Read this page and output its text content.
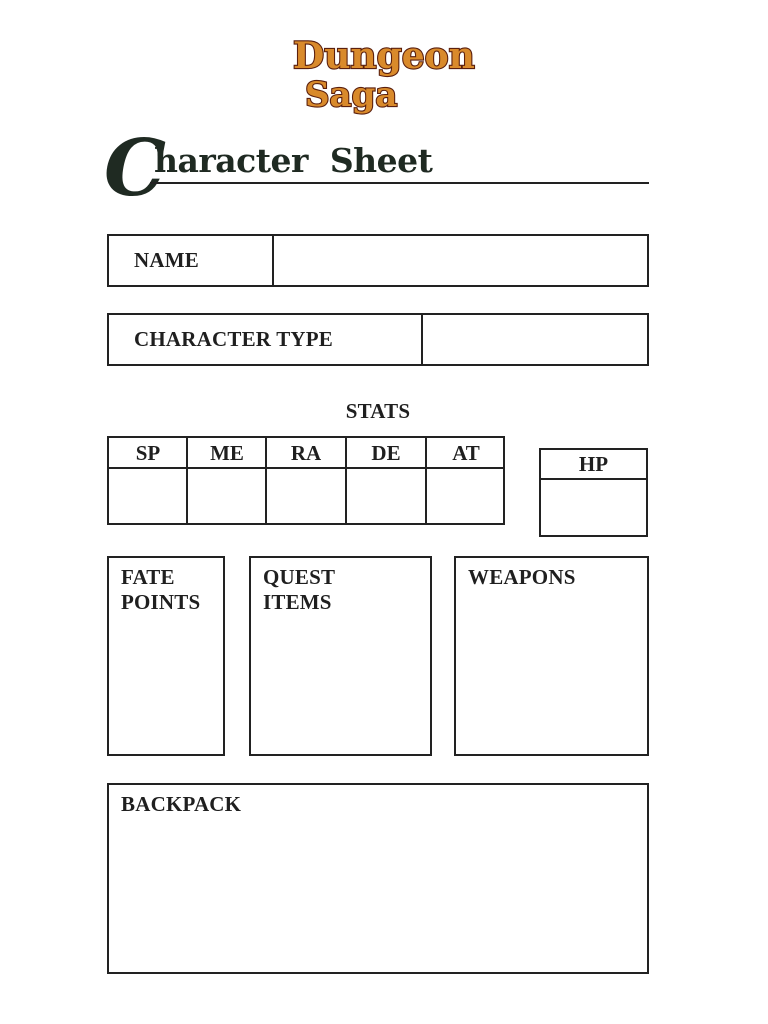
Dungeon
Saga
C
haracter  Sheet
NAME
CHARACTER TYPE
STATS
SP	ME	RA	DE	AT	HP
FATE
POINTS
QUEST
ITEMS
WEAPONS
BACKPACK
